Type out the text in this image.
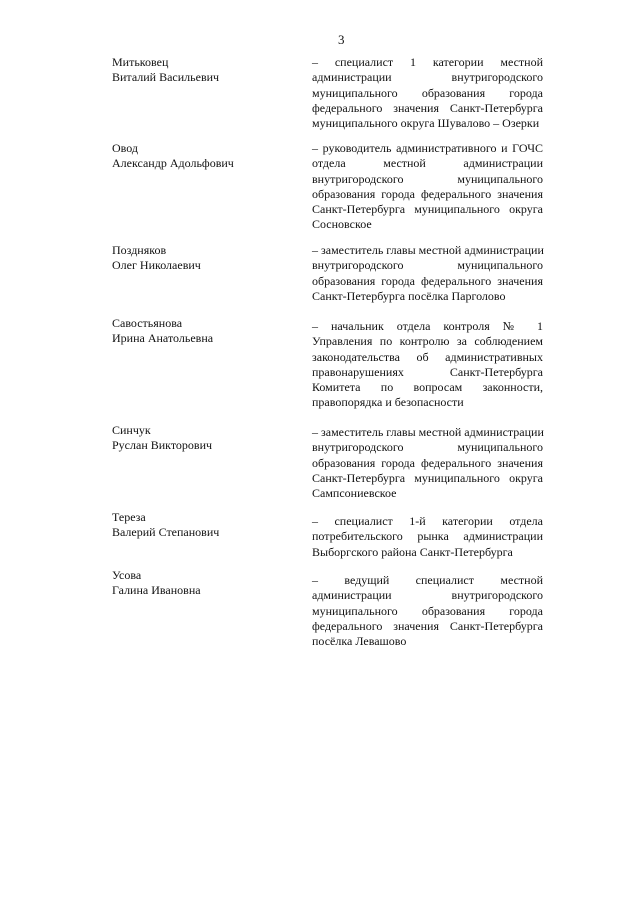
3
Митьковец
Виталий Васильевич
– специалист 1 категории местной
администрации внутригородского
муниципального образования города
федерального значения Санкт-Петербурга
муниципального округа Шувалово – Озерки
Овод
Александр Адольфович
– руководитель административного и ГОЧС
отдела местной администрации
внутригородского муниципального
образования города федерального значения
Санкт-Петербурга муниципального округа
Сосновское
Поздняков
Олег Николаевич
– заместитель главы местной администрации
внутригородского муниципального
образования города федерального значения
Санкт-Петербурга посёлка Парголово
Савостьянова
Ирина Анатольевна
– начальник отдела контроля № 1
Управления по контролю за соблюдением
законодательства об административных
правонарушениях Санкт-Петербурга
Комитета по вопросам законности,
правопорядка и безопасности
Синчук
Руслан Викторович
– заместитель главы местной администрации
внутригородского муниципального
образования города федерального значения
Санкт-Петербурга муниципального округа
Сампсониевское
Тереза
Валерий Степанович
– специалист 1-й категории отдела
потребительского рынка администрации
Выборгского района Санкт-Петербурга
Усова
Галина Ивановна
– ведущий специалист местной
администрации внутригородского
муниципального образования города
федерального значения Санкт-Петербурга
посёлка Левашово
